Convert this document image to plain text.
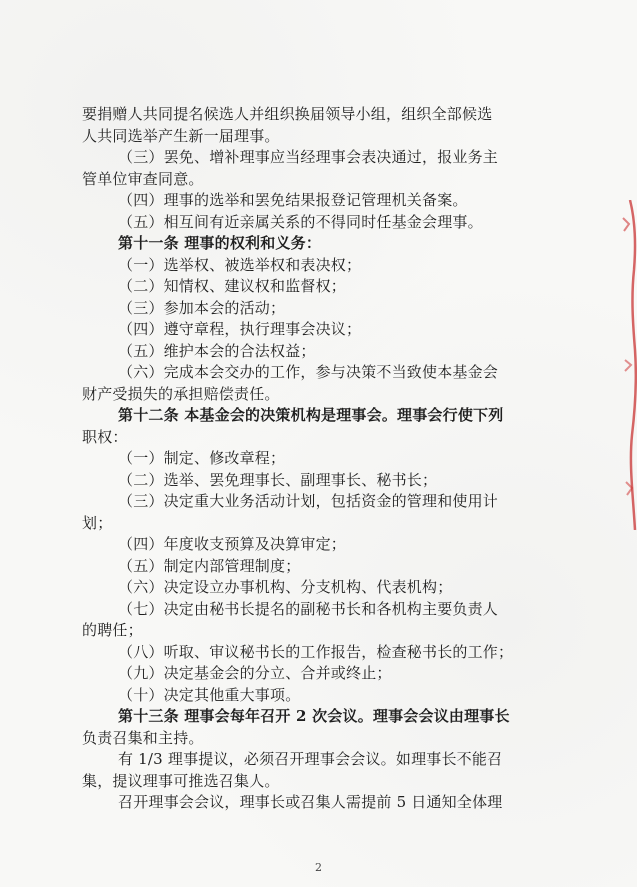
要捐赠人共同提名候选人并组织换届领导小组，组织全部候选
人共同选举产生新一届理事。
（三）罢免、增补理事应当经理事会表决通过，报业务主
管单位审查同意。
（四）理事的选举和罢免结果报登记管理机关备案。
（五）相互间有近亲属关系的不得同时任基金会理事。
第十一条 理事的权利和义务：
（一）选举权、被选举权和表决权；
（二）知情权、建议权和监督权；
（三）参加本会的活动；
（四）遵守章程，执行理事会决议；
（五）维护本会的合法权益；
（六）完成本会交办的工作，参与决策不当致使本基金会
财产受损失的承担赔偿责任。
第十二条 本基金会的决策机构是理事会。理事会行使下列
职权：
（一）制定、修改章程；
（二）选举、罢免理事长、副理事长、秘书长；
（三）决定重大业务活动计划，包括资金的管理和使用计
划；
（四）年度收支预算及决算审定；
（五）制定内部管理制度；
（六）决定设立办事机构、分支机构、代表机构；
（七）决定由秘书长提名的副秘书长和各机构主要负责人
的聘任；
（八）听取、审议秘书长的工作报告，检查秘书长的工作；
（九）决定基金会的分立、合并或终止；
（十）决定其他重大事项。
第十三条 理事会每年召开 2 次会议。理事会会议由理事长
负责召集和主持。
有 1/3 理事提议，必须召开理事会会议。如理事长不能召
集，提议理事可推选召集人。
召开理事会会议，理事长或召集人需提前 5 日通知全体理
2
